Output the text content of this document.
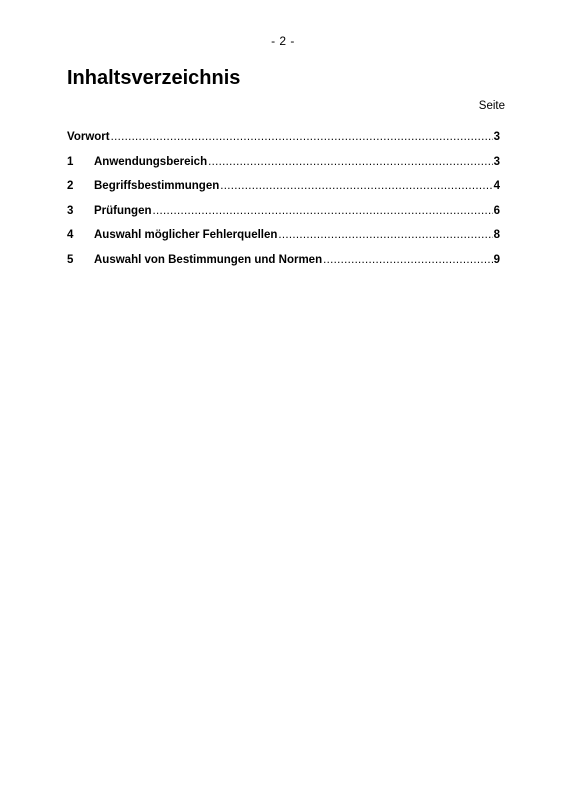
- 2 -
Inhaltsverzeichnis
Seite
Vorwort .....	3
1	Anwendungsbereich .....	3
2	Begriffsbestimmungen .....	4
3	Prüfungen .....	6
4	Auswahl möglicher Fehlerquellen .....	8
5	Auswahl von Bestimmungen und Normen .....	9
